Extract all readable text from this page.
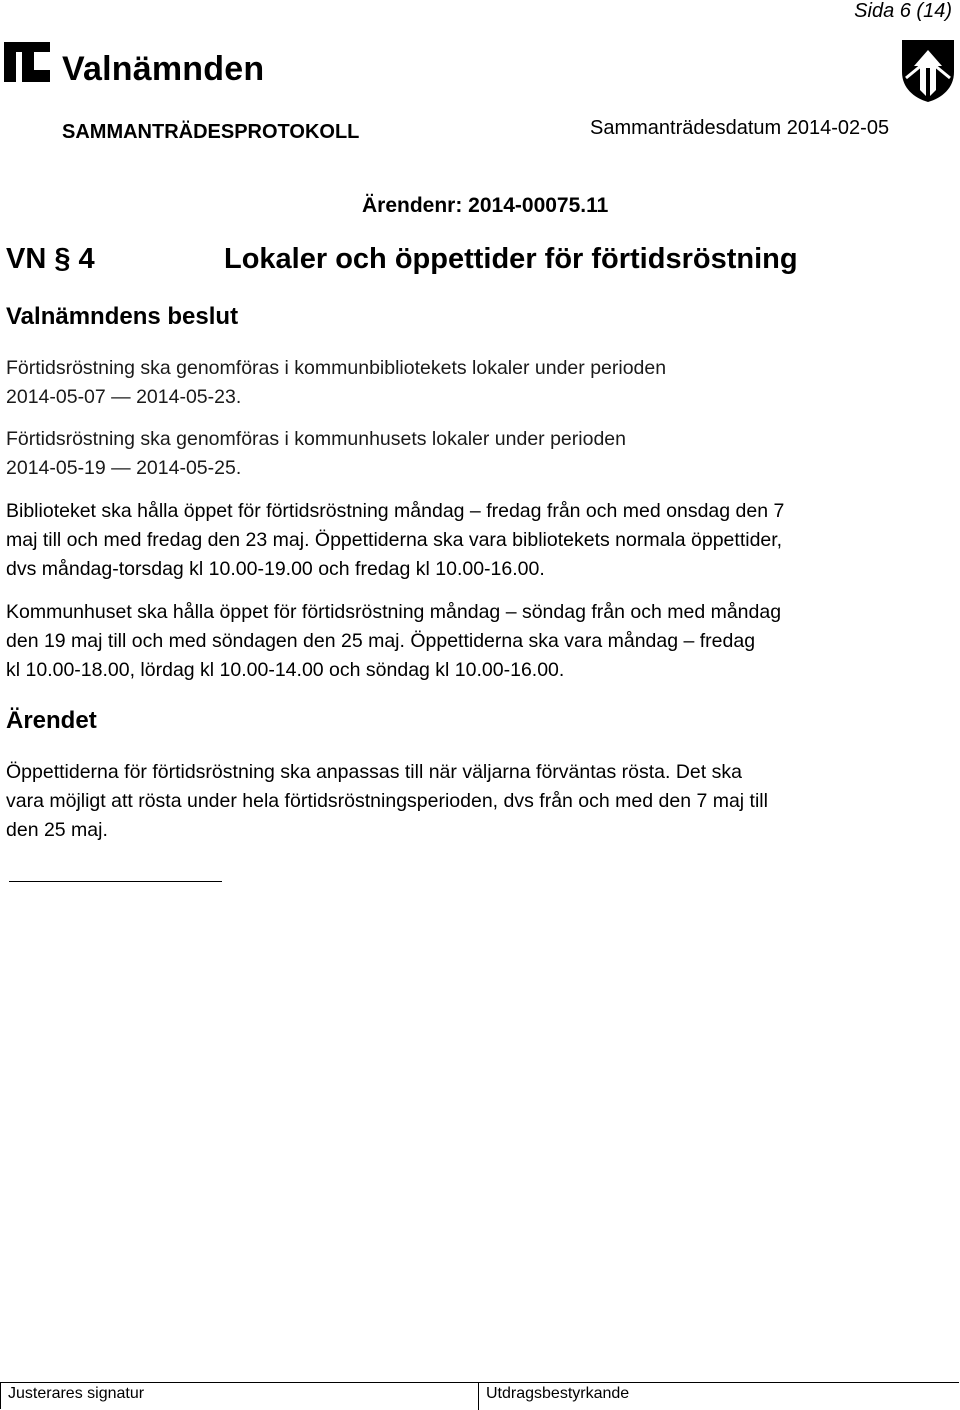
Sida 6 (14)
Valnämnden
SAMMANTRÄDESPROTOKOLL	Sammanträdesdatum 2014-02-05
Ärendenr: 2014-00075.11
VN § 4	Lokaler och öppettider för förtidsröstning
Valnämndens beslut

Förtidsröstning ska genomföras i kommunbibliotekets lokaler under perioden
2014-05-07 — 2014-05-23.

Förtidsröstning ska genomföras i kommunhusets lokaler under perioden
2014-05-19 — 2014-05-25.

Biblioteket ska hålla öppet för förtidsröstning måndag – fredag från och med onsdag den 7
maj till och med fredag den 23 maj. Öppettiderna ska vara bibliotekets normala öppettider,
dvs måndag-torsdag kl 10.00-19.00 och fredag kl 10.00-16.00.

Kommunhuset ska hålla öppet för förtidsröstning måndag – söndag från och med måndag
den 19 maj till och med söndagen den 25 maj. Öppettiderna ska vara måndag – fredag
kl 10.00-18.00, lördag kl 10.00-14.00 och söndag kl 10.00-16.00.

Ärendet

Öppettiderna för förtidsröstning ska anpassas till när väljarna förväntas rösta. Det ska
vara möjligt att rösta under hela förtidsröstningsperioden, dvs från och med den 7 maj till
den 25 maj.

Justerares signatur	Utdragsbestyrkande
